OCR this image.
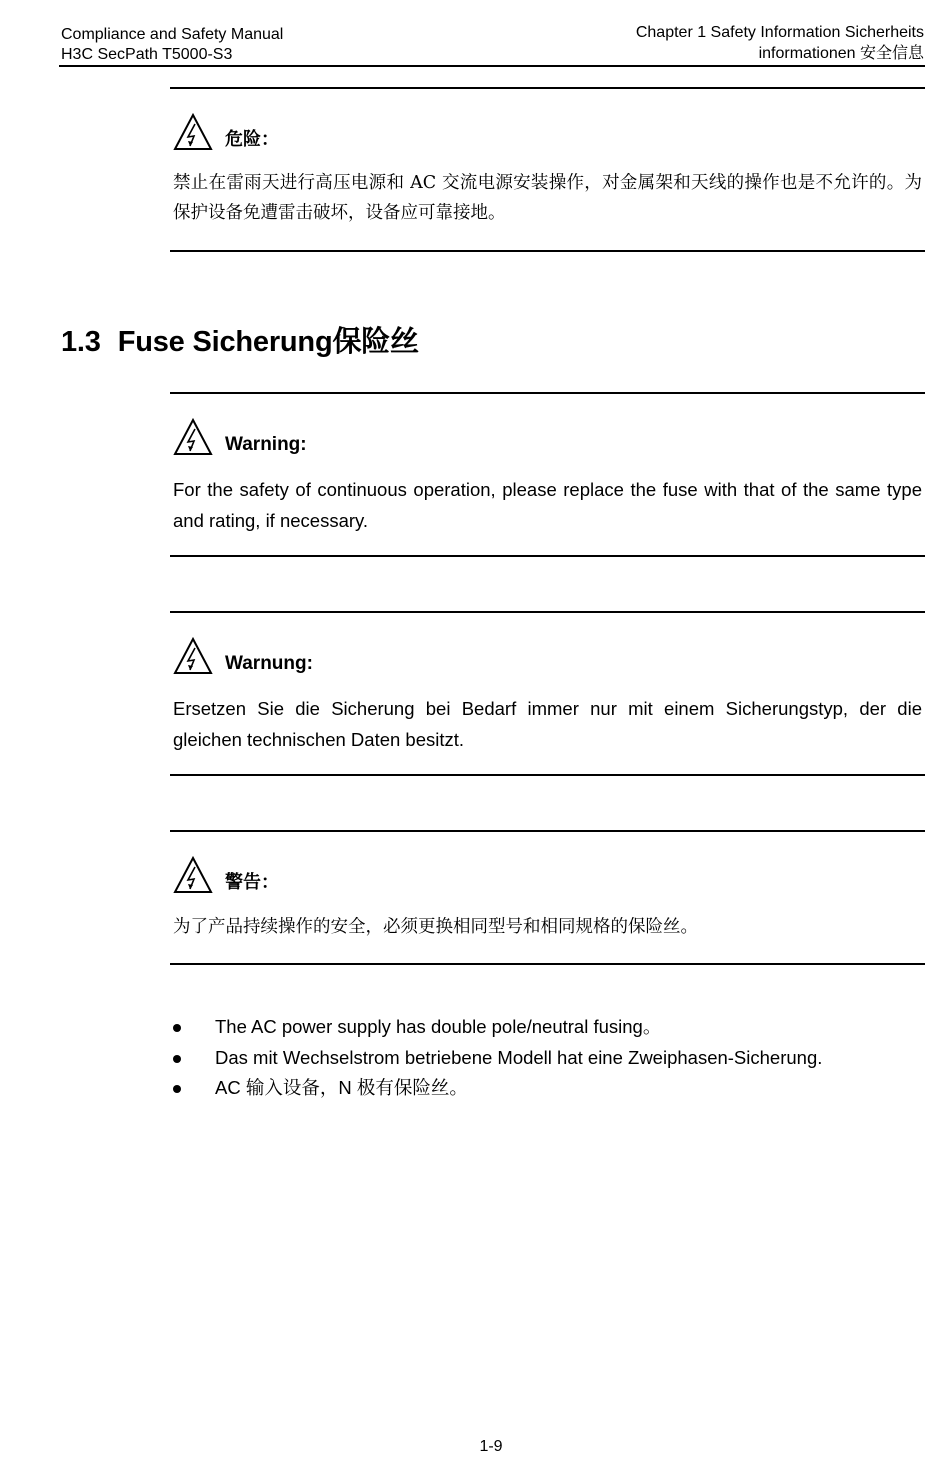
Compliance and Safety Manual
H3C SecPath T5000-S3
Chapter 1 Safety Information Sicherheits
informationen 安全信息
危险：
禁止在雷雨天进行高压电源和 AC 交流电源安装操作，对金属架和天线的操作也是不允许的。为保护设备免遭雷击破坏，设备应可靠接地。
1.3 Fuse Sicherung保险丝
Warning:
For the safety of continuous operation, please replace the fuse with that of the same type and rating, if necessary.
Warnung:
Ersetzen Sie die Sicherung bei Bedarf immer nur mit einem Sicherungstyp, der die gleichen technischen Daten besitzt.
警告：
为了产品持续操作的安全，必须更换相同型号和相同规格的保险丝。
The AC power supply has double pole/neutral fusing。
Das mit Wechselstrom betriebene Modell hat eine Zweiphasen-Sicherung.
AC 输入设备，N 极有保险丝。
1-9
